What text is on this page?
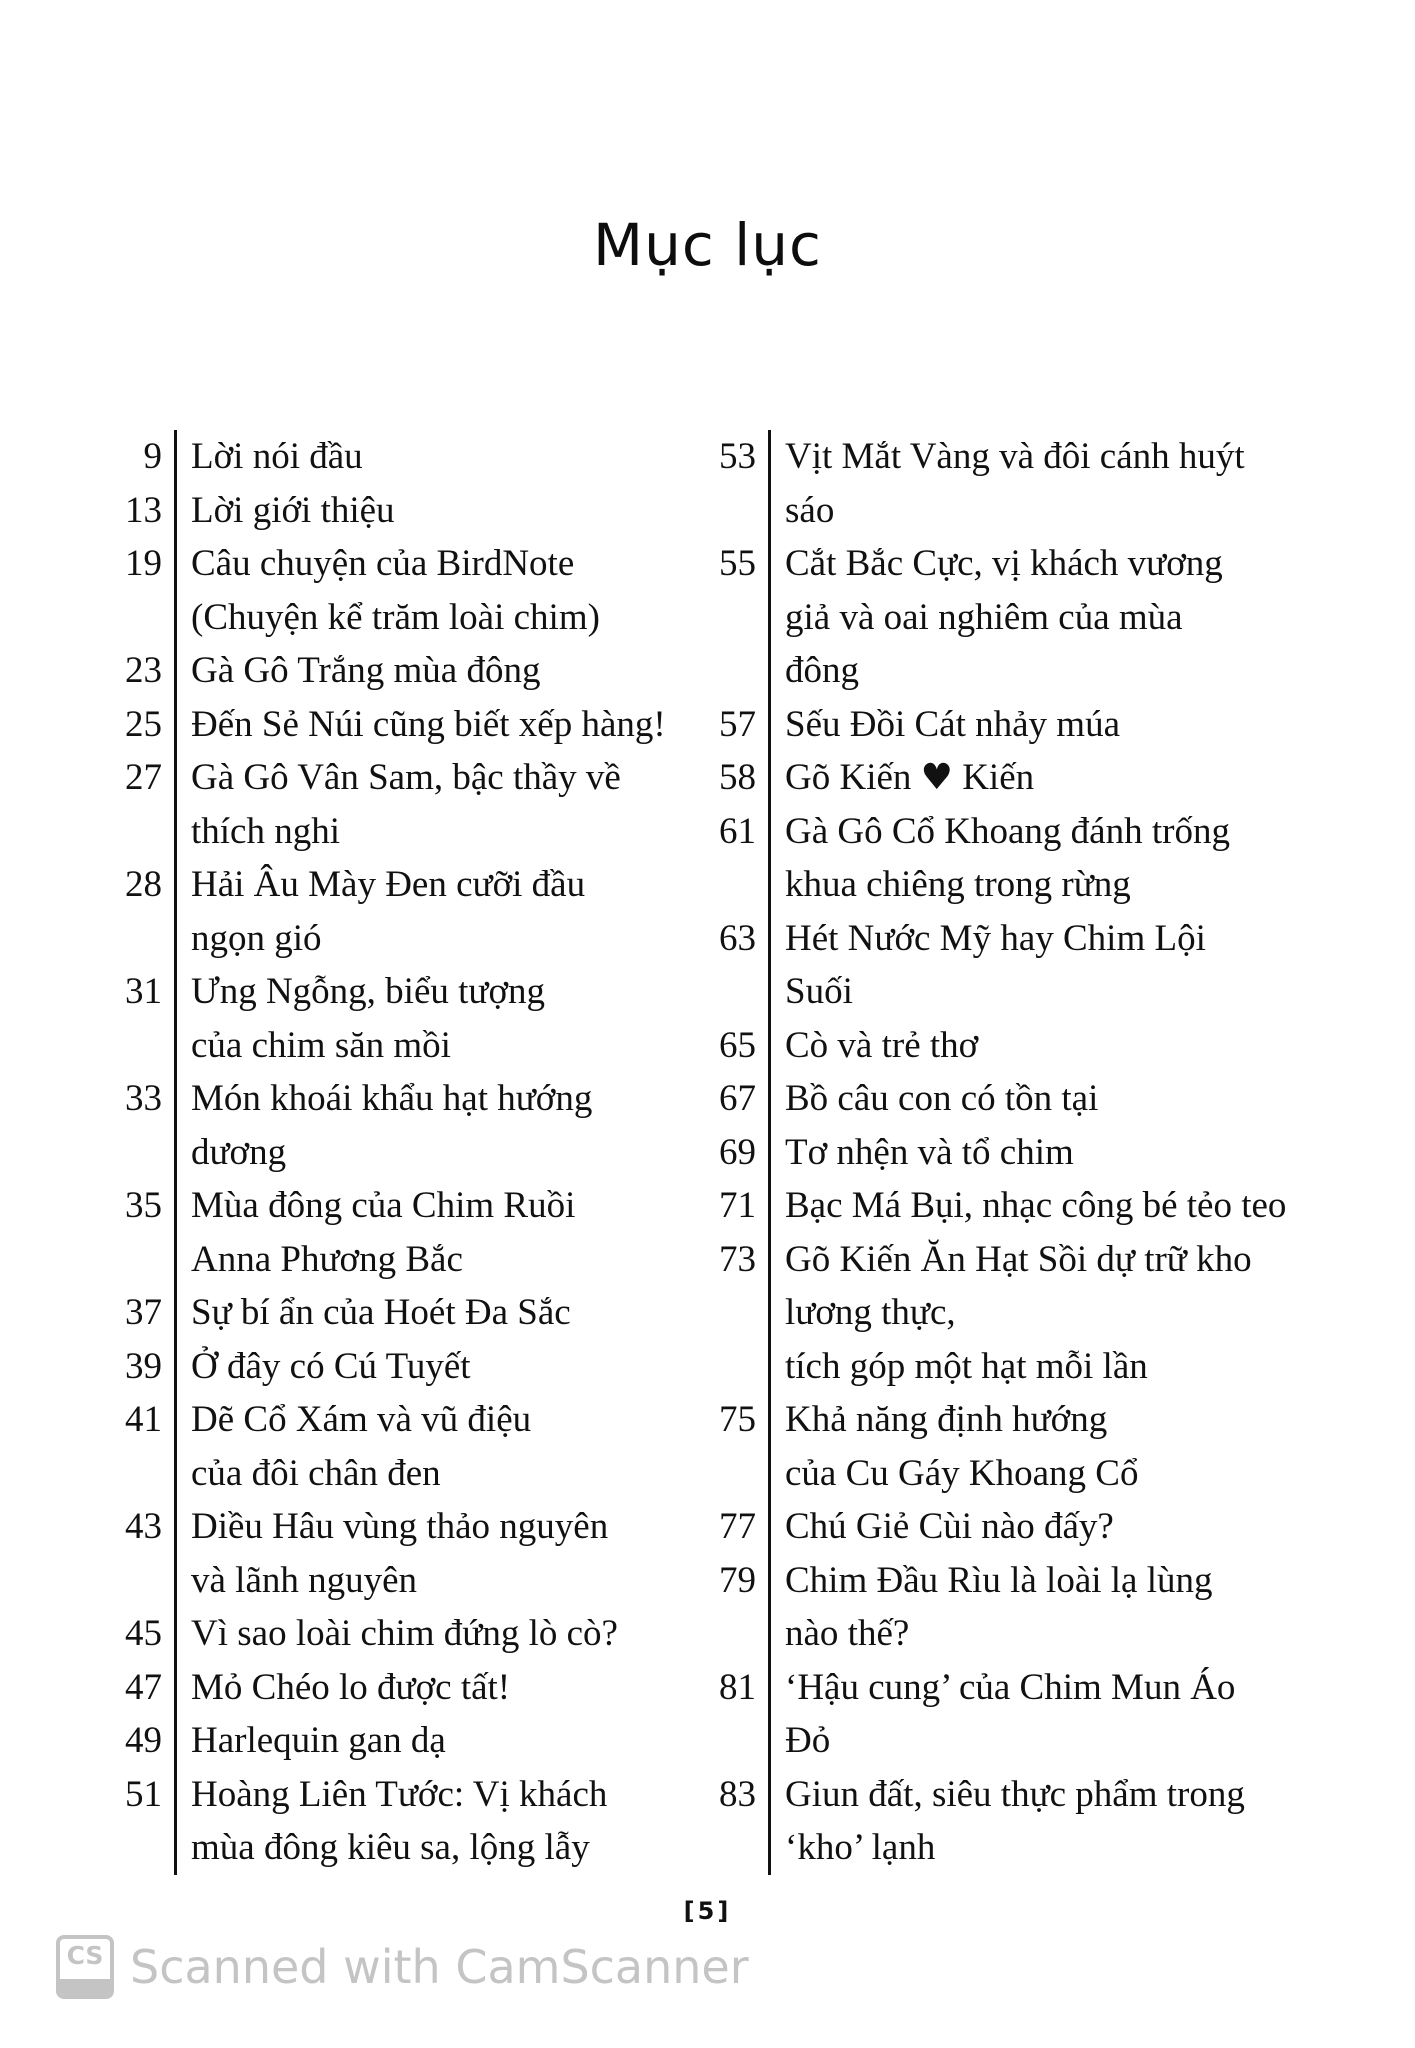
Mục lục
9 Lời nói đầu
13 Lời giới thiệu
19 Câu chuyện của BirdNote
(Chuyện kể trăm loài chim)
23 Gà Gô Trắng mùa đông
25 Đến Sẻ Núi cũng biết xếp hàng!
27 Gà Gô Vân Sam, bậc thầy về
thích nghi
28 Hải Âu Mày Đen cưỡi đầu
ngọn gió
31 Ưng Ngỗng, biểu tượng
của chim săn mồi
33 Món khoái khẩu hạt hướng
dương
35 Mùa đông của Chim Ruồi
Anna Phương Bắc
37 Sự bí ẩn của Hoét Đa Sắc
39 Ở đây có Cú Tuyết
41 Dẽ Cổ Xám và vũ điệu
của đôi chân đen
43 Diều Hâu vùng thảo nguyên
và lãnh nguyên
45 Vì sao loài chim đứng lò cò?
47 Mỏ Chéo lo được tất!
49 Harlequin gan dạ
51 Hoàng Liên Tước: Vị khách
mùa đông kiêu sa, lộng lẫy
53 Vịt Mắt Vàng và đôi cánh huýt
sáo
55 Cắt Bắc Cực, vị khách vương
giả và oai nghiêm của mùa
đông
57 Sếu Đồi Cát nhảy múa
58 Gõ Kiến ♥ Kiến
61 Gà Gô Cổ Khoang đánh trống
khua chiêng trong rừng
63 Hét Nước Mỹ hay Chim Lội
Suối
65 Cò và trẻ thơ
67 Bồ câu con có tồn tại
69 Tơ nhện và tổ chim
71 Bạc Má Bụi, nhạc công bé tẻo teo
73 Gõ Kiến Ăn Hạt Sồi dự trữ kho
lương thực,
tích góp một hạt mỗi lần
75 Khả năng định hướng
của Cu Gáy Khoang Cổ
77 Chú Giẻ Cùi nào đấy?
79 Chim Đầu Rìu là loài lạ lùng
nào thế?
81 ‘Hậu cung’ của Chim Mun Áo
Đỏ
83 Giun đất, siêu thực phẩm trong
‘kho’ lạnh
[5]
CS Scanned with CamScanner
